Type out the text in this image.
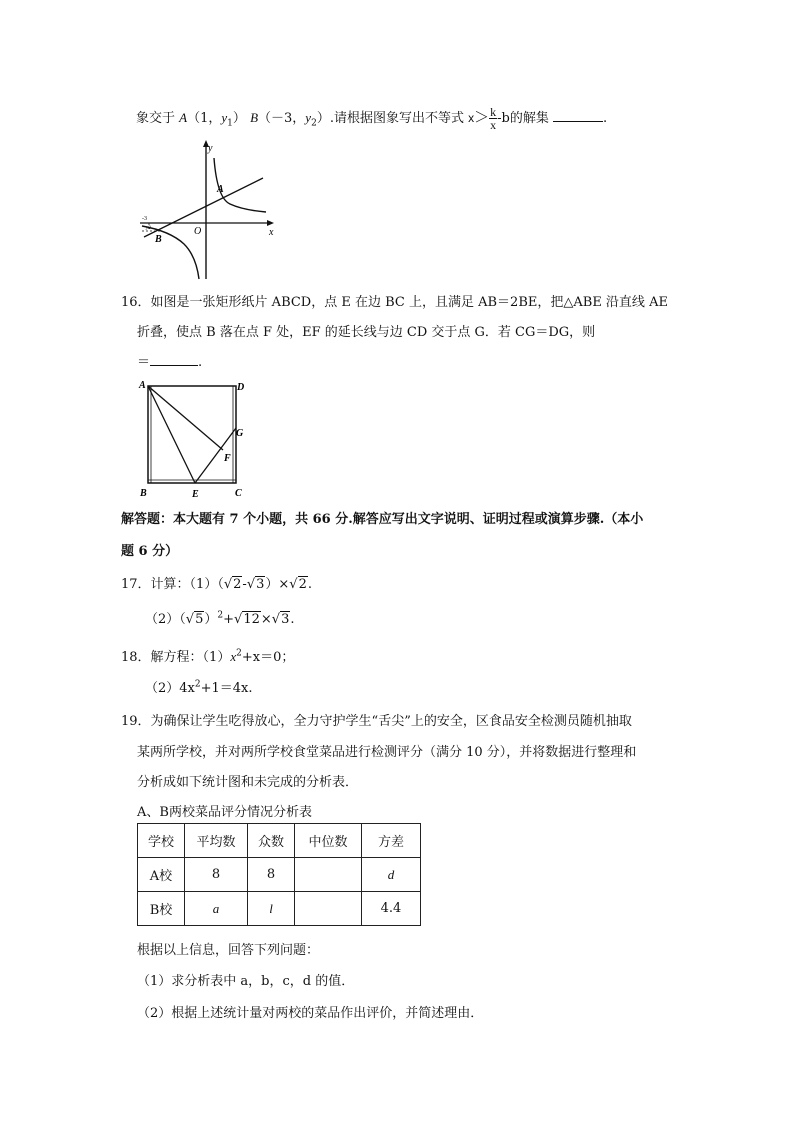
象交于 A（1，$y_1$） B（－3，$y_2$）.请根据图象写出不等式 $x> \frac{k}{x} -b$的解集	.
y
x
O
A
B
-3
y2
16．如图是一张矩形纸片 ABCD，点 E 在边 BC 上，且满足 AB＝2BE，把△ABE 沿直线 AE
折叠，使点 B 落在点 F 处，EF 的延长线与边 CD 交于点 G．若 CG＝DG，则
＝	.
A	D
B	E	C
F
G
解答题：本大题有 7 个小题，共 66 分.解答应写出文字说明、证明过程或演算步骤.（本小
题 6 分）
17．计算：（1）（√2-√3）×√2.
$(2)(√5)^2+√12\times√3$.
18．解方程：$(1)x^2+x=0$；
$(2)4x^2+1=4x$.
19．为确保让学生吃得放心，全力守护学生“舌尖”上的安全，区食品安全检测员随机抽取
某两所学校，并对两所学校食堂菜品进行检测评分（满分 10 分），并将数据进行整理和
分析成如下统计图和未完成的分析表．
A、B两校菜品评分情况分析表
学校	平均数	众数	中位数	方差
A校	8	8		d
B校	a	l		4.4
根据以上信息，回答下列问题：
（1）求分析表中 a，b，c，d 的值．
（2）根据上述统计量对两校的菜品作出评价，并简述理由．
